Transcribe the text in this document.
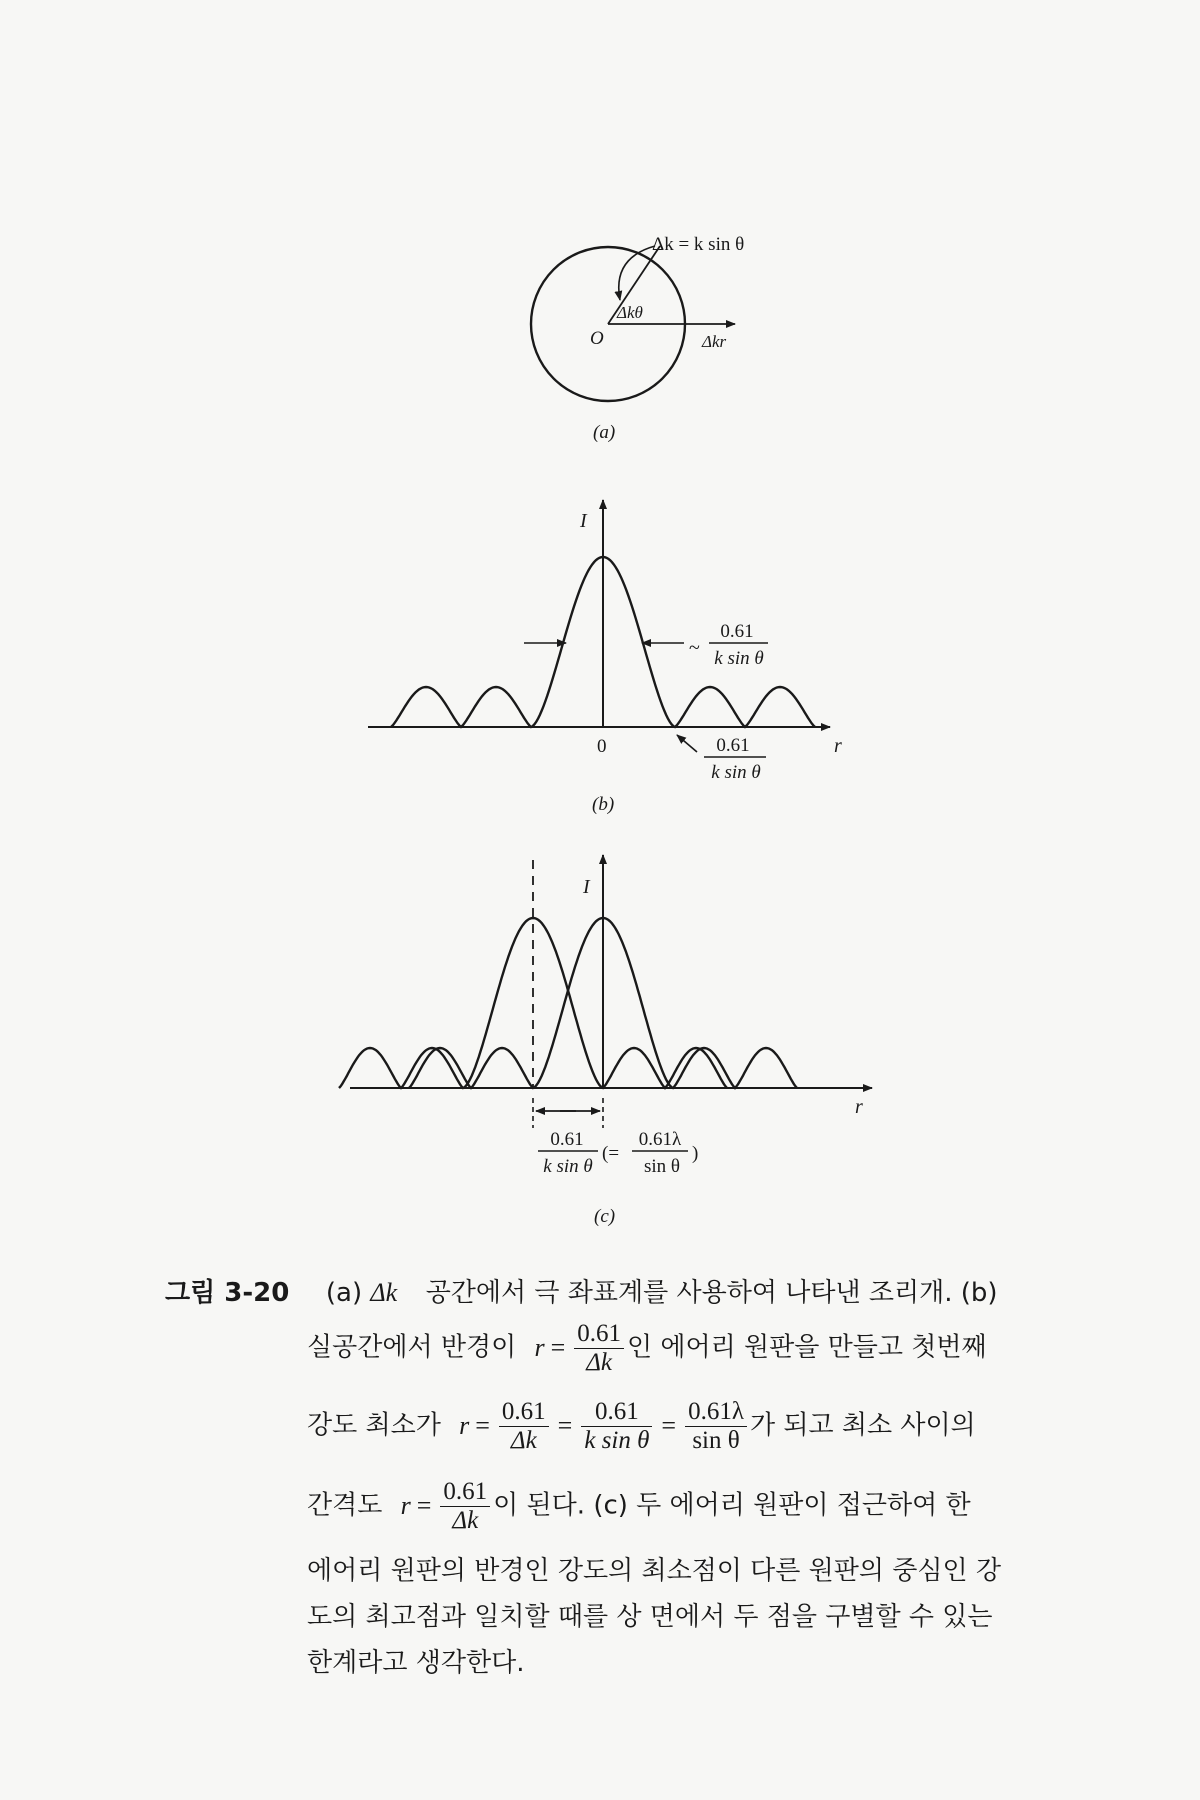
Δk = k sin θ
Δkθ
O	Δkr
(a)
~
0.61
k sin θ
0.61
k sin θ
I
r
0
(b)
0.61
k sin θ
(=
0.61λ
sin θ
)
I
r
(c)
그림 3-20 (a) Δk⃗ 공간에서 극 좌표계를 사용하여 나타낸 조리개. (b)
실공간에서 반경이 $r = \frac{0.61}{\Delta k}$ 인 에어리 원판을 만들고 첫번째
강도 최소가 $r = \frac{0.61}{\Delta k} = \frac{0.61}{\text{k sin θ}} = \frac{0.61\lambda}{\text{sin θ}}$ 가 되고 최소 사이의
간격도 $r = \frac{0.61}{\Delta k}$ 이 된다. (c) 두 에어리 원판이 접근하여 한
에어리 원판의 반경인 강도의 최소점이 다른 원판의 중심인 강
도의 최고점과 일치할 때를 상 면에서 두 점을 구별할 수 있는
한계라고 생각한다.
